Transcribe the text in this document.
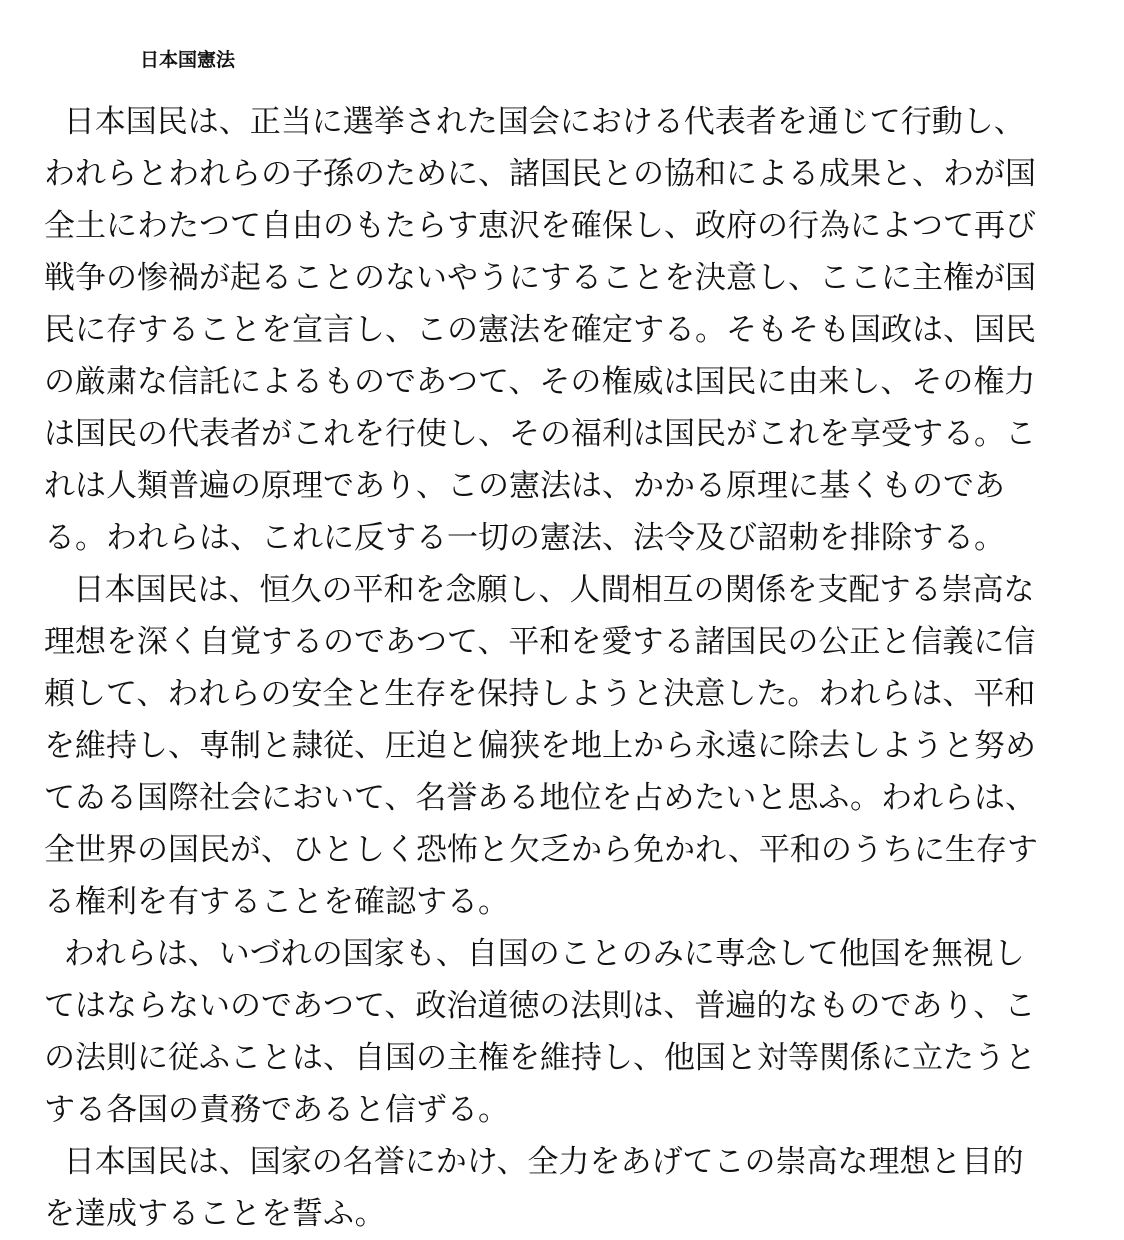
日本国憲法
日本国民は、正当に選挙された国会における代表者を通じて行動し、
われらとわれらの子孫のために、諸国民との協和による成果と、わが国
全土にわたつて自由のもたらす恵沢を確保し、政府の行為によつて再び
戦争の惨禍が起ることのないやうにすることを決意し、ここに主権が国
民に存することを宣言し、この憲法を確定する。そもそも国政は、国民
の厳粛な信託によるものであつて、その権威は国民に由来し、その権力
は国民の代表者がこれを行使し、その福利は国民がこれを享受する。こ
れは人類普遍の原理であり、この憲法は、かかる原理に基くものであ
る。われらは、これに反する一切の憲法、法令及び詔勅を排除する。
日本国民は、恒久の平和を念願し、人間相互の関係を支配する崇高な
理想を深く自覚するのであつて、平和を愛する諸国民の公正と信義に信
頼して、われらの安全と生存を保持しようと決意した。われらは、平和
を維持し、専制と隷従、圧迫と偏狭を地上から永遠に除去しようと努め
てゐる国際社会において、名誉ある地位を占めたいと思ふ。われらは、
全世界の国民が、ひとしく恐怖と欠乏から免かれ、平和のうちに生存す
る権利を有することを確認する。
われらは、いづれの国家も、自国のことのみに専念して他国を無視し
てはならないのであつて、政治道徳の法則は、普遍的なものであり、こ
の法則に従ふことは、自国の主権を維持し、他国と対等関係に立たうと
する各国の責務であると信ずる。
日本国民は、国家の名誉にかけ、全力をあげてこの崇高な理想と目的
を達成することを誓ふ。
